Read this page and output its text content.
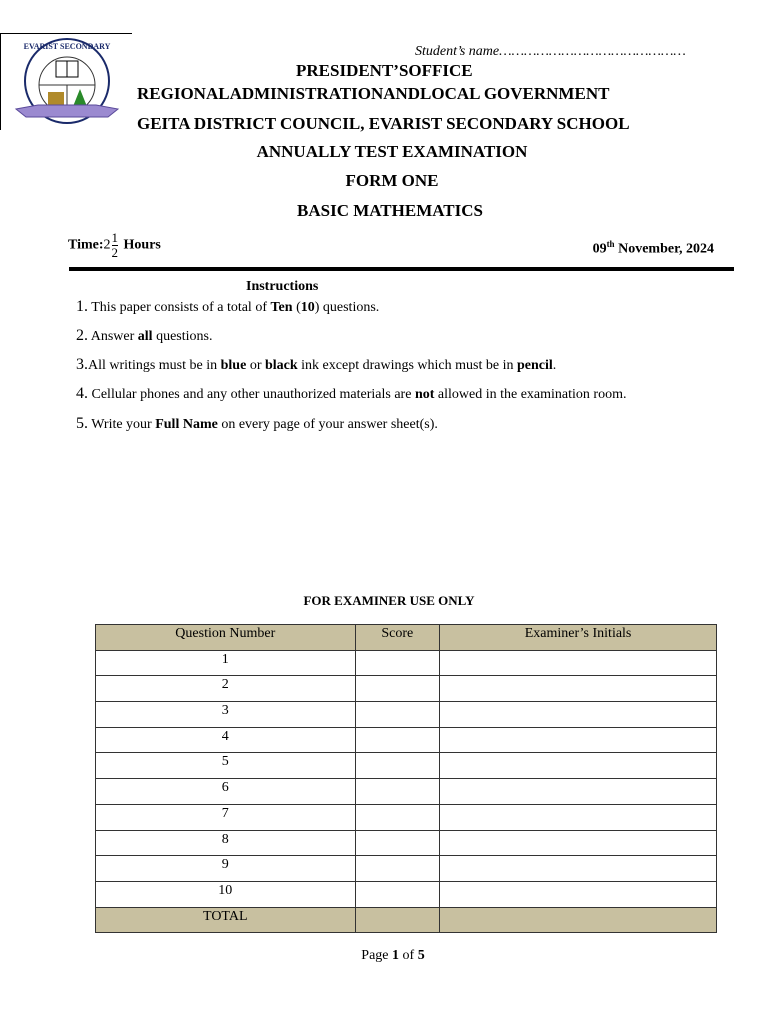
EVARIST SECONDARY	Student’s name………………………………………
PRESIDENT’SOFFICE
REGIONALADMINISTRATIONANDLOCAL GOVERNMENT
GEITA DISTRICT COUNCIL, EVARIST SECONDARY SCHOOL
ANNUALLY TEST EXAMINATION
FORM ONE
BASIC MATHEMATICS
Time:2 $\frac{1}{2}$ Hours	09th November, 2024
Instructions
1. This paper consists of a total of Ten (10) questions.
2. Answer all questions.
3.All writings must be in blue or black ink except drawings which must be in pencil.
4. Cellular phones and any other unauthorized materials are not allowed in the examination room.
5. Write your Full Name on every page of your answer sheet(s).
FOR EXAMINER USE ONLY
Question Number	Score	Examiner’s Initials
1		
2		
3		
4		
5		
6		
7		
8		
9		
10		
TOTAL		
Page 1 of 5
